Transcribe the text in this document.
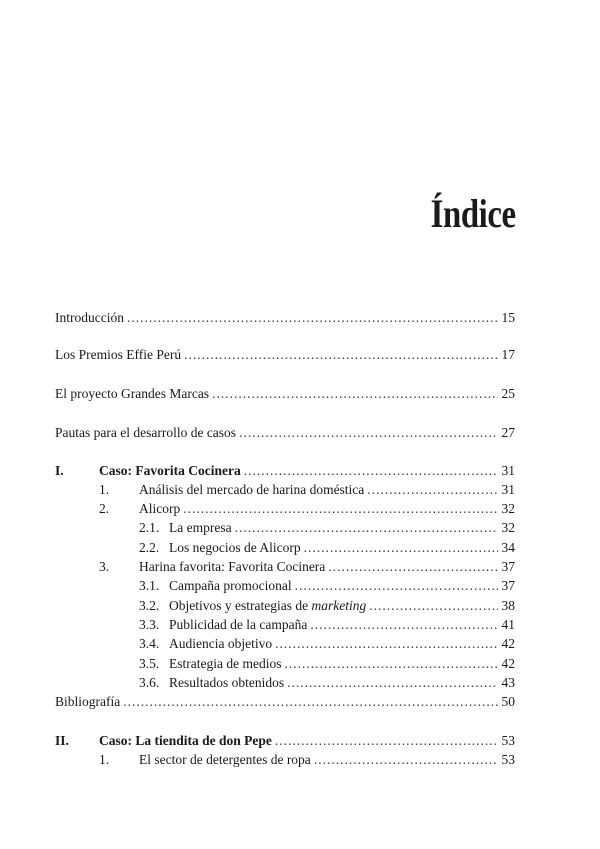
Índice
Introducción .....	15
Los Premios Effie Perú .....	17
El proyecto Grandes Marcas .....	25
Pautas para el desarrollo de casos .....	27
I.	Caso: Favorita Cocinera .....	31
1.	Análisis del mercado de harina doméstica .....	31
2.	Alicorp .....	32
2.1. La empresa .....	32
2.2. Los negocios de Alicorp .....	34
3.	Harina favorita: Favorita Cocinera .....	37
3.1. Campaña promocional .....	37
3.2. Objetivos y estrategias de marketing .....	38
3.3. Publicidad de la campaña .....	41
3.4. Audiencia objetivo .....	42
3.5. Estrategia de medios .....	42
3.6. Resultados obtenidos .....	43
Bibliografía .....	50
II.	Caso: La tiendita de don Pepe .....	53
1.	El sector de detergentes de ropa .....	53
